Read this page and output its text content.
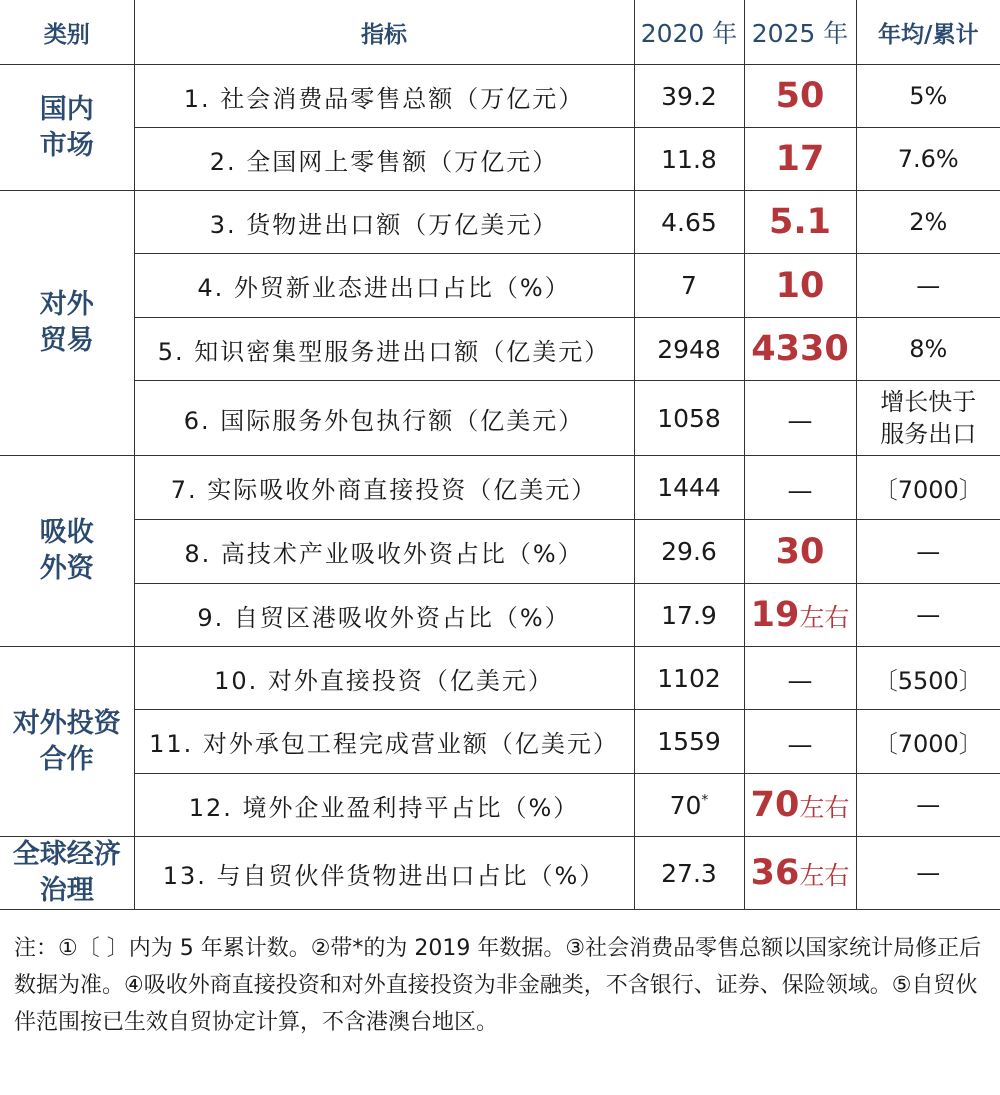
类别	指标	2020 年	2025 年	年均/累计
国内
市场	1. 社会消费品零售总额（万亿元）	39.2	50	5%
	2. 全国网上零售额（万亿元）	11.8	17	7.6%
对外
贸易	3. 货物进出口额（万亿美元）	4.65	5.1	2%
	4. 外贸新业态进出口占比（%）	7	10	—
	5. 知识密集型服务进出口额（亿美元）	2948	4330	8%
	6. 国际服务外包执行额（亿美元）	1058	—	增长快于
服务出口
吸收
外资	7. 实际吸收外商直接投资（亿美元）	1444	—	〔7000〕
	8. 高技术产业吸收外资占比（%）	29.6	30	—
	9. 自贸区港吸收外资占比（%）	17.9	19左右	—
对外投资
合作	10. 对外直接投资（亿美元）	1102	—	〔5500〕
	11. 对外承包工程完成营业额（亿美元）	1559	—	〔7000〕
	12. 境外企业盈利持平占比（%）	70*	70左右	—
全球经济
治理	13. 与自贸伙伴货物进出口占比（%）	27.3	36左右	—
注：①〔 〕内为 5 年累计数。②带*的为 2019 年数据。③社会消费品零售总额以国家统计局修正后数据为准。④吸收外商直接投资和对外直接投资为非金融类，不含银行、证券、保险领域。⑤自贸伙伴范围按已生效自贸协定计算，不含港澳台地区。
